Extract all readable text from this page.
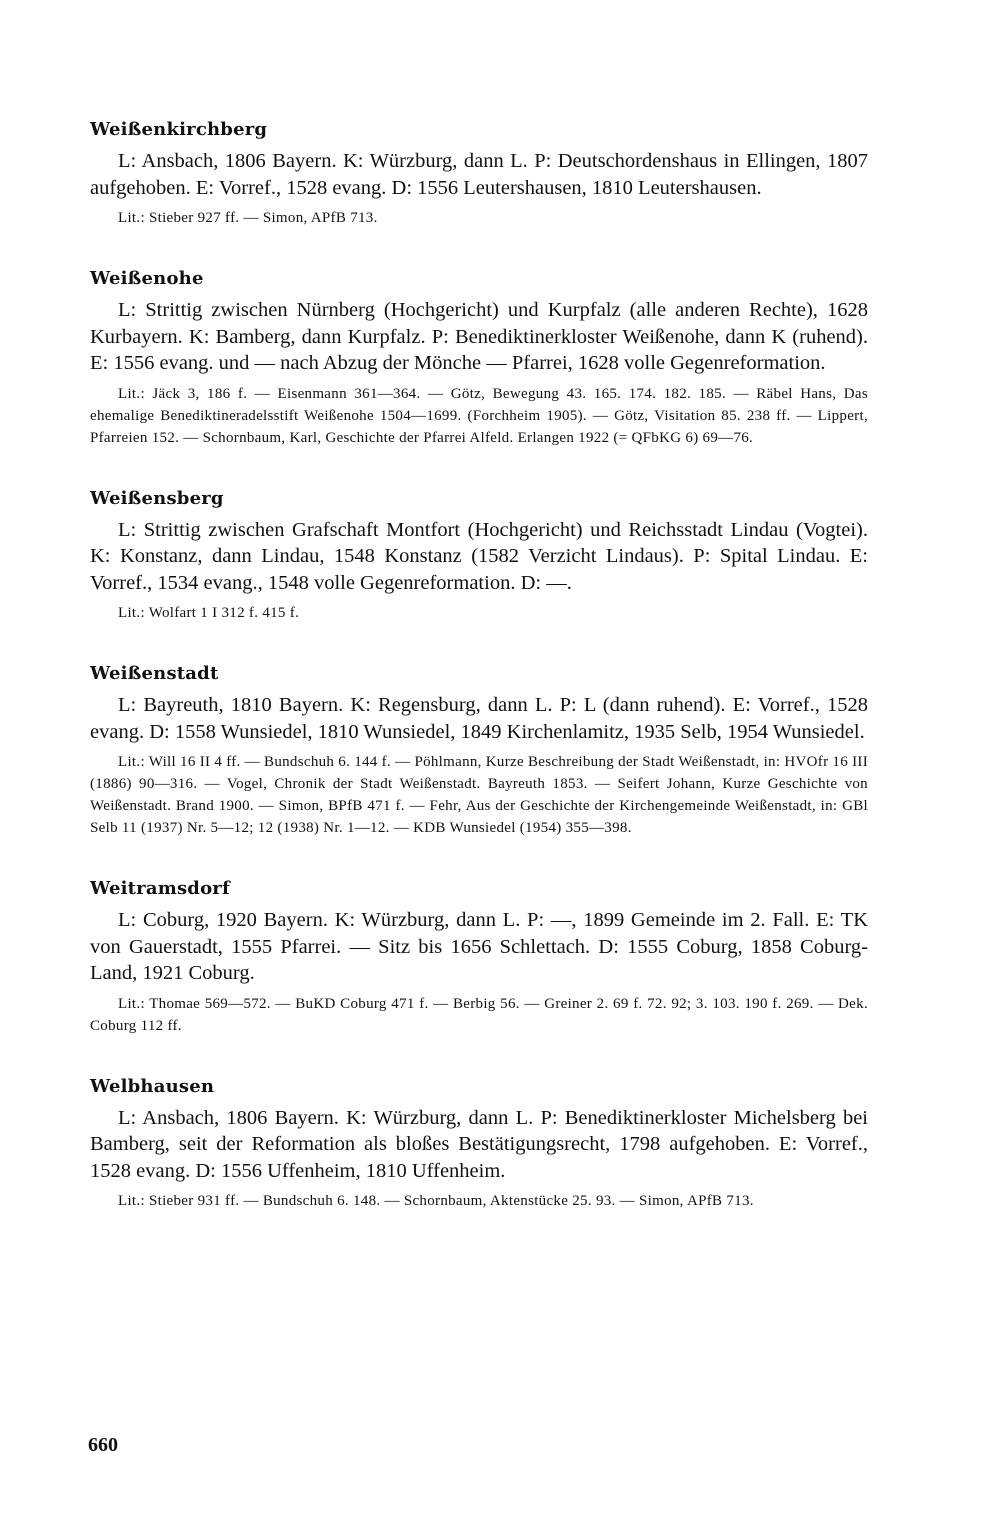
Weißenkirchberg

L: Ansbach, 1806 Bayern. K: Würzburg, dann L. P: Deutschordenshaus in Ellingen, 1807 aufgehoben. E: Vorref., 1528 evang. D: 1556 Leutershausen, 1810 Leutershausen.

Lit.: Stieber 927 ff. — Simon, APfB 713.

Weißenohe

L: Strittig zwischen Nürnberg (Hochgericht) und Kurpfalz (alle anderen Rechte), 1628 Kurbayern. K: Bamberg, dann Kurpfalz. P: Benediktinerkloster Weißenohe, dann K (ruhend). E: 1556 evang. und — nach Abzug der Mönche — Pfarrei, 1628 volle Gegenreformation.

Lit.: Jäck 3, 186 f. — Eisenmann 361—364. — Götz, Bewegung 43. 165. 174. 182. 185. — Räbel Hans, Das ehemalige Benediktineradelsstift Weißenohe 1504—1699. (Forchheim 1905). — Götz, Visitation 85. 238 ff. — Lippert, Pfarreien 152. — Schornbaum, Karl, Geschichte der Pfarrei Alfeld. Erlangen 1922 (= QFbKG 6) 69—76.

Weißensberg

L: Strittig zwischen Grafschaft Montfort (Hochgericht) und Reichsstadt Lindau (Vogtei). K: Konstanz, dann Lindau, 1548 Konstanz (1582 Verzicht Lindaus). P: Spital Lindau. E: Vorref., 1534 evang., 1548 volle Gegenreformation. D: —.

Lit.: Wolfart 1 I 312 f. 415 f.

Weißenstadt

L: Bayreuth, 1810 Bayern. K: Regensburg, dann L. P: L (dann ruhend). E: Vorref., 1528 evang. D: 1558 Wunsiedel, 1810 Wunsiedel, 1849 Kirchenlamitz, 1935 Selb, 1954 Wunsiedel.

Lit.: Will 16 II 4 ff. — Bundschuh 6. 144 f. — Pöhlmann, Kurze Beschreibung der Stadt Weißenstadt, in: HVOfr 16 III (1886) 90—316. — Vogel, Chronik der Stadt Weißenstadt. Bayreuth 1853. — Seifert Johann, Kurze Geschichte von Weißenstadt. Brand 1900. — Simon, BPfB 471 f. — Fehr, Aus der Geschichte der Kirchengemeinde Weißenstadt, in: GBl Selb 11 (1937) Nr. 5—12; 12 (1938) Nr. 1—12. — KDB Wunsiedel (1954) 355—398.

Weitramsdorf

L: Coburg, 1920 Bayern. K: Würzburg, dann L. P: —, 1899 Gemeinde im 2. Fall. E: TK von Gauerstadt, 1555 Pfarrei. — Sitz bis 1656 Schlettach. D: 1555 Coburg, 1858 Coburg-Land, 1921 Coburg.

Lit.: Thomae 569—572. — BuKD Coburg 471 f. — Berbig 56. — Greiner 2. 69 f. 72. 92; 3. 103. 190 f. 269. — Dek. Coburg 112 ff.

Welbhausen

L: Ansbach, 1806 Bayern. K: Würzburg, dann L. P: Benediktinerkloster Michelsberg bei Bamberg, seit der Reformation als bloßes Bestätigungsrecht, 1798 aufgehoben. E: Vorref., 1528 evang. D: 1556 Uffenheim, 1810 Uffenheim.

Lit.: Stieber 931 ff. — Bundschuh 6. 148. — Schornbaum, Aktenstücke 25. 93. — Simon, APfB 713.

660
